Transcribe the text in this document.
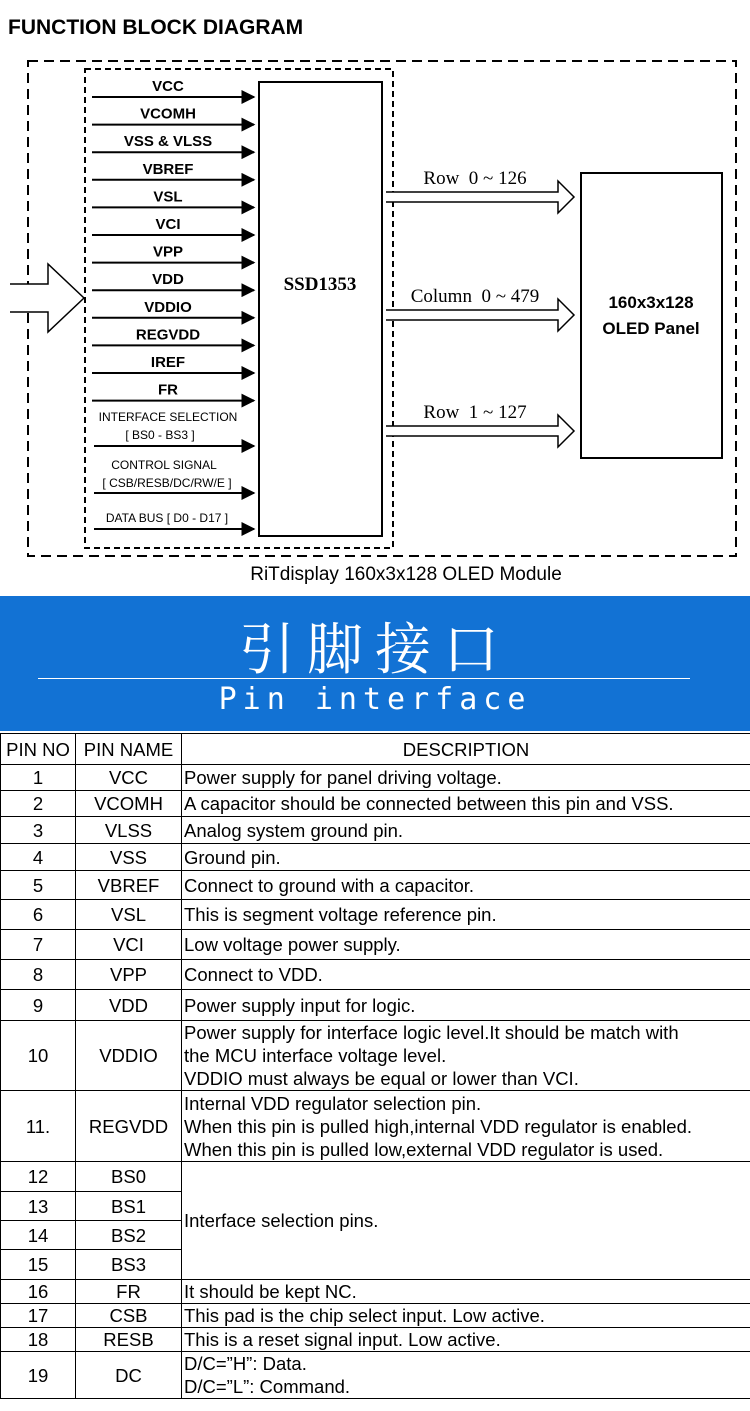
FUNCTION BLOCK DIAGRAM
VCC
VCOMH
VSS & VLSS
VBREF
VSL
VCI
VPP
VDD
VDDIO
REGVDD
IREF
FR
INTERFACE SELECTION
[ BS0 - BS3 ]
CONTROL SIGNAL
[ CSB/RESB/DC/RW/E ]
DATA BUS [ D0 - D17 ]
SSD1353
Row  0 ~ 126
Column  0 ~ 479
Row  1 ~ 127
160x3x128
OLED Panel
RiTdisplay 160x3x128 OLED Module
引脚接口
Pin interface
PIN NO	PIN NAME	DESCRIPTION
1	VCC	Power supply for panel driving voltage.
2	VCOMH	A capacitor should be connected between this pin and VSS.
3	VLSS	Analog system ground pin.
4	VSS	Ground pin.
5	VBREF	Connect to ground with a capacitor.
6	VSL	This is segment voltage reference pin.
7	VCI	Low voltage power supply.
8	VPP	Connect to VDD.
9	VDD	Power supply input for logic.
10	VDDIO	Power supply for interface logic level.It should be match with
the MCU interface voltage level.
VDDIO must always be equal or lower than VCI.
11.	REGVDD	Internal VDD regulator selection pin.
When this pin is pulled high,internal VDD regulator is enabled.
When this pin is pulled low,external VDD regulator is used.
12	BS0	Interface selection pins.
13	BS1	
14	BS2	
15	BS3	
16	FR	It should be kept NC.
17	CSB	This pad is the chip select input. Low active.
18	RESB	This is a reset signal input. Low active.
19	DC	D/C=”H”: Data.
D/C=”L”: Command.
